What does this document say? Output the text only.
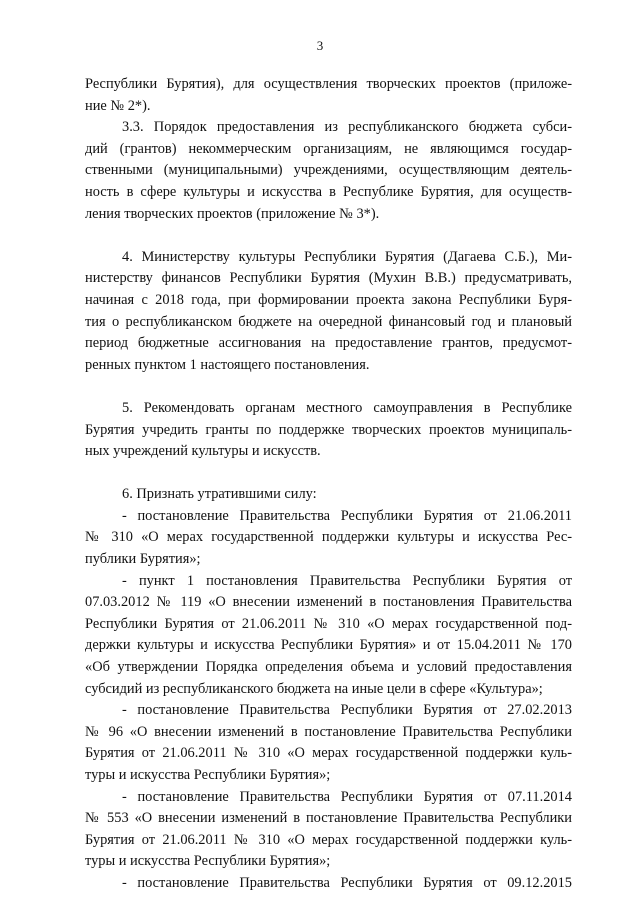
3
Республики Бурятия), для осуществления творческих проектов (приложе-
ние № 2*).
3.3. Порядок предоставления из республиканского бюджета субси-
дий (грантов) некоммерческим организациям, не являющимся государ-
ственными (муниципальными) учреждениями, осуществляющим деятель-
ность в сфере культуры и искусства в Республике Бурятия, для осуществ-
ления творческих проектов (приложение № 3*).
4. Министерству культуры Республики Бурятия (Дагаева С.Б.), Ми-
нистерству финансов Республики Бурятия (Мухин В.В.) предусматривать,
начиная с 2018 года, при формировании проекта закона Республики Буря-
тия о республиканском бюджете на очередной финансовый год и плановый
период бюджетные ассигнования на предоставление грантов, предусмот-
ренных пунктом 1 настоящего постановления.
5. Рекомендовать органам местного самоуправления в Республике
Бурятия учредить гранты по поддержке творческих проектов муниципаль-
ных учреждений культуры и искусств.
6. Признать утратившими силу:
- постановление Правительства Республики Бурятия от 21.06.2011
№ 310 «О мерах государственной поддержки культуры и искусства Рес-
публики Бурятия»;
- пункт 1 постановления Правительства Республики Бурятия от
07.03.2012 № 119 «О внесении изменений в постановления Правительства
Республики Бурятия от 21.06.2011 № 310 «О мерах государственной под-
держки культуры и искусства Республики Бурятия» и от 15.04.2011 № 170
«Об утверждении Порядка определения объема и условий предоставления
субсидий из республиканского бюджета на иные цели в сфере «Культура»;
- постановление Правительства Республики Бурятия от 27.02.2013
№ 96 «О внесении изменений в постановление Правительства Республики
Бурятия от 21.06.2011 № 310 «О мерах государственной поддержки куль-
туры и искусства Республики Бурятия»;
- постановление Правительства Республики Бурятия от 07.11.2014
№ 553 «О внесении изменений в постановление Правительства Республики
Бурятия от 21.06.2011 № 310 «О мерах государственной поддержки куль-
туры и искусства Республики Бурятия»;
- постановление Правительства Республики Бурятия от 09.12.2015
